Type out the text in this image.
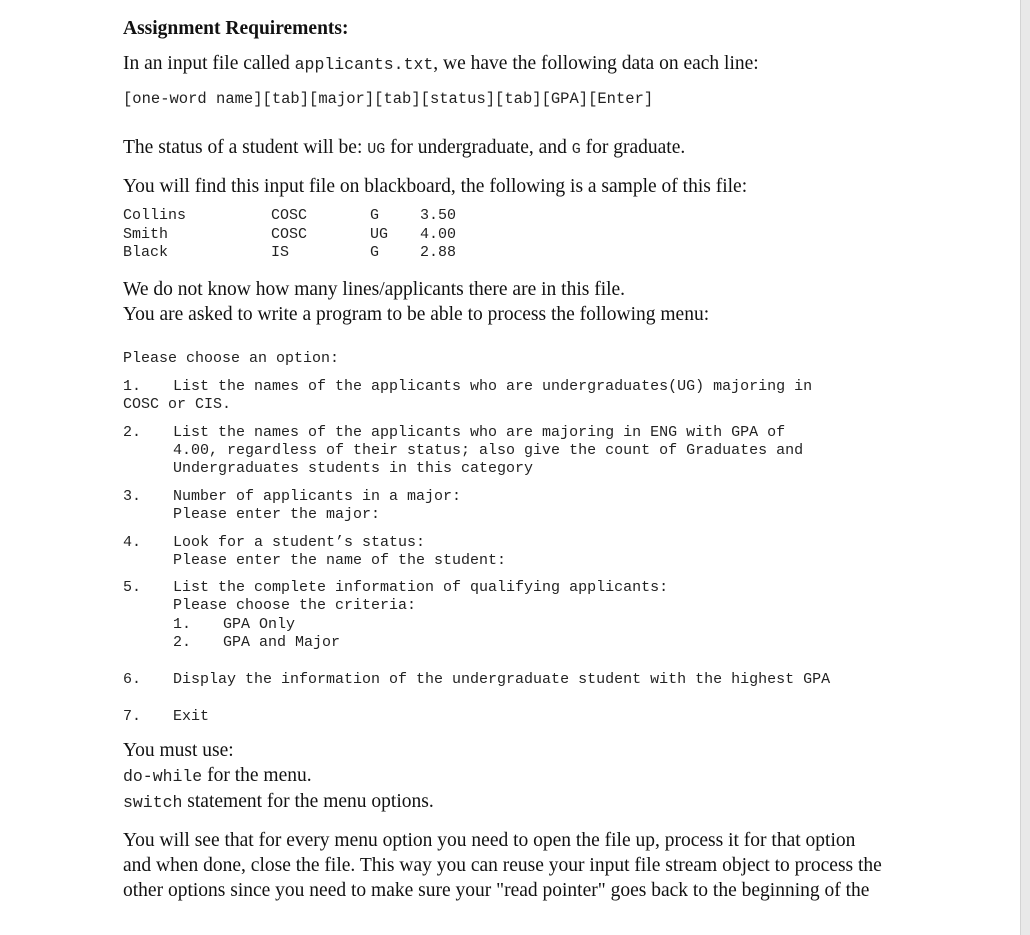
Assignment Requirements:
In an input file called applicants.txt, we have the following data on each line:
[one-word name][tab][major][tab][status][tab][GPA][Enter]
The status of a student will be: UG for undergraduate, and G for graduate.
You will find this input file on blackboard, the following is a sample of this file:
Collins	COSC	G	3.50
Smith	COSC	UG 4.00
Black	IS	G	2.88
We do not know how many lines/applicants there are in this file.
You are asked to write a program to be able to process the following menu:
Please choose an option:
1. List the names of the applicants who are undergraduates(UG) majoring in
COSC or CIS.
2. List the names of the applicants who are majoring in ENG with GPA of
4.00, regardless of their status; also give the count of Graduates and
Undergraduates students in this category
3. Number of applicants in a major:
Please enter the major:
4. Look for a student’s status:
Please enter the name of the student:
5. List the complete information of qualifying applicants:
Please choose the criteria:
1. GPA Only
2. GPA and Major
6. Display the information of the undergraduate student with the highest GPA
7. Exit
You must use:
do-while for the menu.
switch statement for the menu options.
You will see that for every menu option you need to open the file up, process it for that option
and when done, close the file. This way you can reuse your input file stream object to process the
other options since you need to make sure your "read pointer" goes back to the beginning of the
